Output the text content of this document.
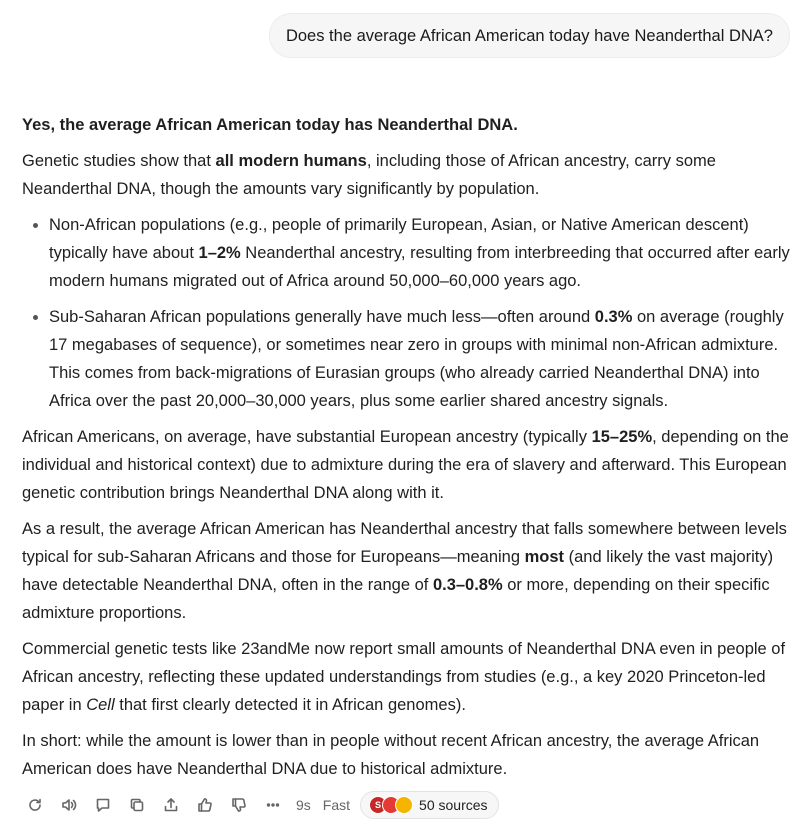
Does the average African American today have Neanderthal DNA?

Yes, the average African American today has Neanderthal DNA.

Genetic studies show that all modern humans, including those of African ancestry, carry some Neanderthal DNA, though the amounts vary significantly by population.

• Non-African populations (e.g., people of primarily European, Asian, or Native American descent) typically have about 1–2% Neanderthal ancestry, resulting from interbreeding that occurred after early modern humans migrated out of Africa around 50,000–60,000 years ago.
• Sub-Saharan African populations generally have much less—often around 0.3% on average (roughly 17 megabases of sequence), or sometimes near zero in groups with minimal non-African admixture. This comes from back-migrations of Eurasian groups (who already carried Neanderthal DNA) into Africa over the past 20,000–30,000 years, plus some earlier shared ancestry signals.

African Americans, on average, have substantial European ancestry (typically 15–25%, depending on the individual and historical context) due to admixture during the era of slavery and afterward. This European genetic contribution brings Neanderthal DNA along with it.

As a result, the average African American has Neanderthal ancestry that falls somewhere between levels typical for sub-Saharan Africans and those for Europeans—meaning most (and likely the vast majority) have detectable Neanderthal DNA, often in the range of 0.3–0.8% or more, depending on their specific admixture proportions.

Commercial genetic tests like 23andMe now report small amounts of Neanderthal DNA even in people of African ancestry, reflecting these updated understandings from studies (e.g., a key 2020 Princeton-led paper in Cell that first clearly detected it in African genomes).

In short: while the amount is lower than in people without recent African ancestry, the average African American does have Neanderthal DNA due to historical admixture.

9s Fast	S	50 sources
